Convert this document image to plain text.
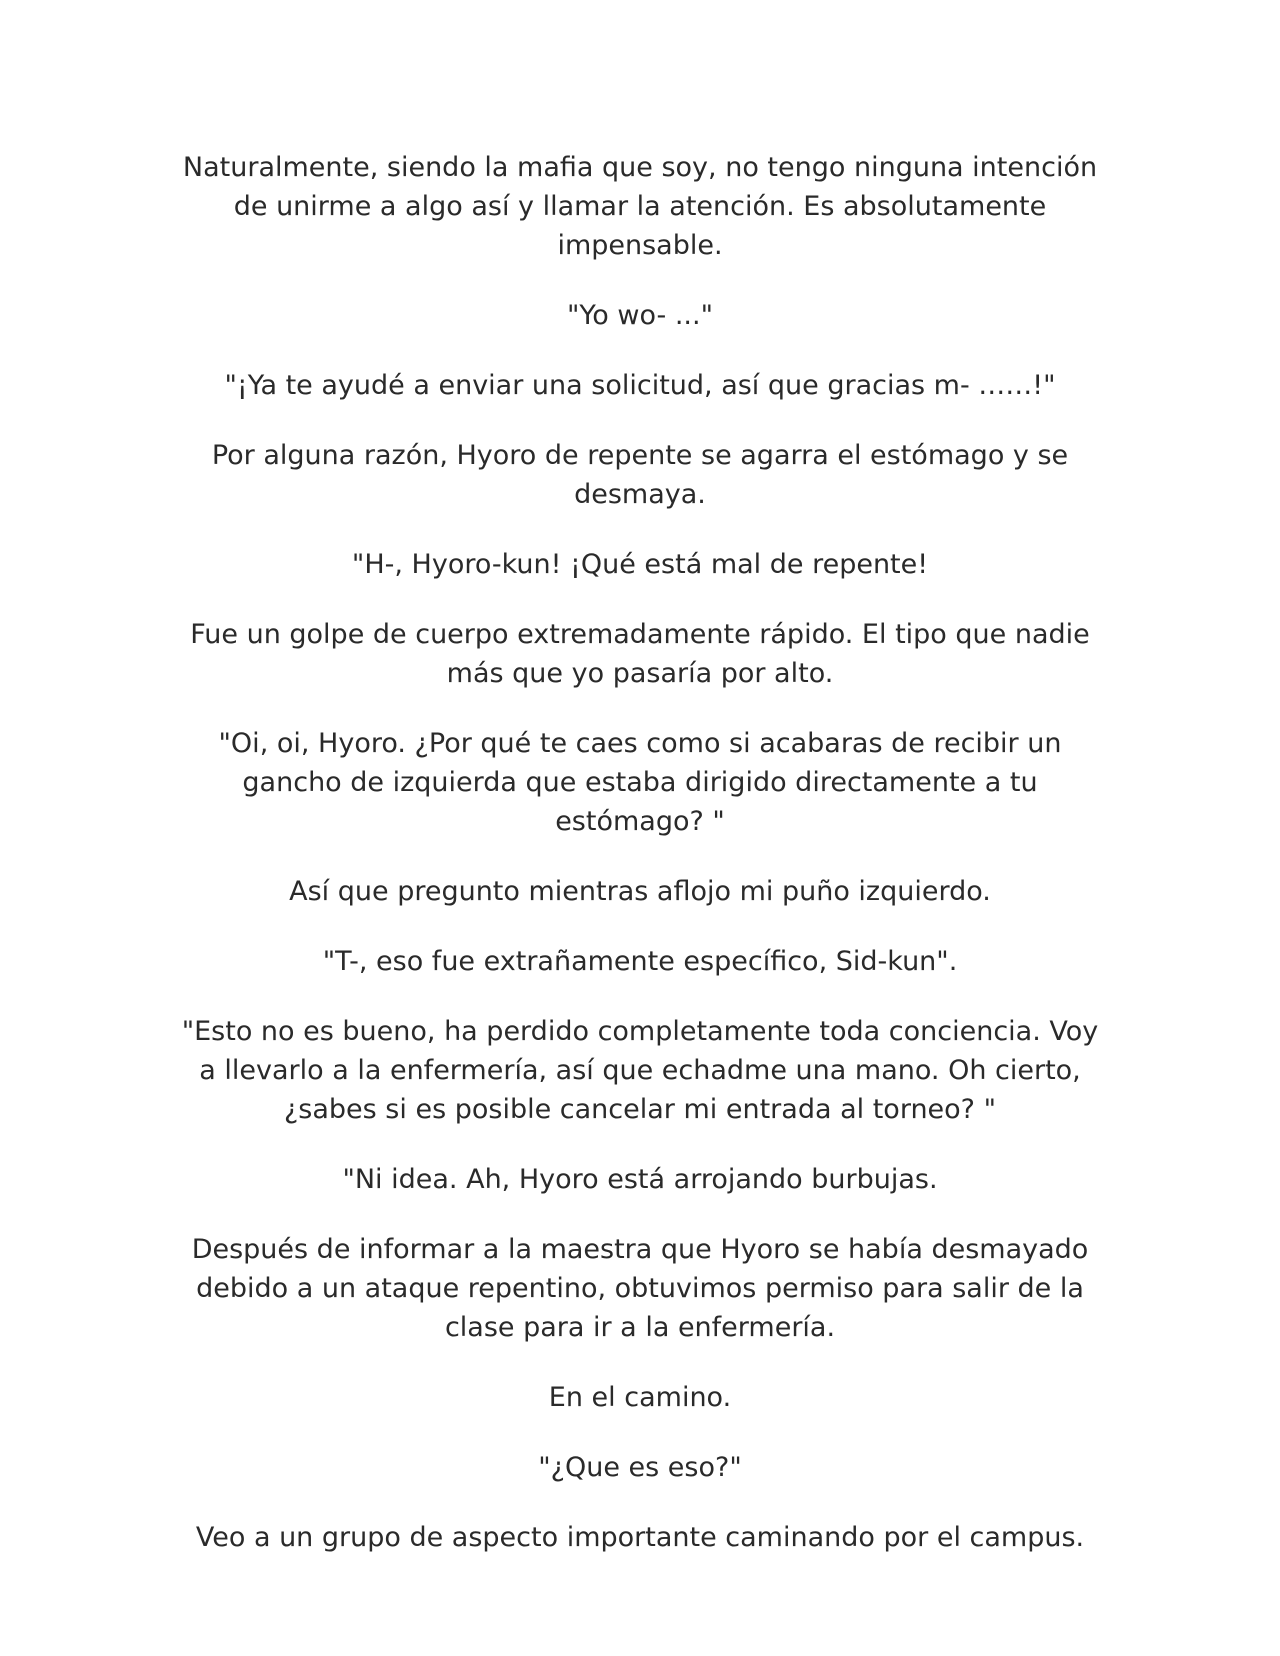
Naturalmente, siendo la mafia que soy, no tengo ninguna intención de unirme a algo así y llamar la atención. Es absolutamente impensable.

"Yo wo- ..."

"¡Ya te ayudé a enviar una solicitud, así que gracias m- ……!"

Por alguna razón, Hyoro de repente se agarra el estómago y se desmaya.

"H-, Hyoro-kun! ¡Qué está mal de repente!

Fue un golpe de cuerpo extremadamente rápido. El tipo que nadie más que yo pasaría por alto.

"Oi, oi, Hyoro. ¿Por qué te caes como si acabaras de recibir un gancho de izquierda que estaba dirigido directamente a tu estómago? "

Así que pregunto mientras aflojo mi puño izquierdo.

"T-, eso fue extrañamente específico, Sid-kun".

"Esto no es bueno, ha perdido completamente toda conciencia. Voy a llevarlo a la enfermería, así que echadme una mano. Oh cierto, ¿sabes si es posible cancelar mi entrada al torneo? "

"Ni idea. Ah, Hyoro está arrojando burbujas.

Después de informar a la maestra que Hyoro se había desmayado debido a un ataque repentino, obtuvimos permiso para salir de la clase para ir a la enfermería.

En el camino.

"¿Que es eso?"

Veo a un grupo de aspecto importante caminando por el campus.
